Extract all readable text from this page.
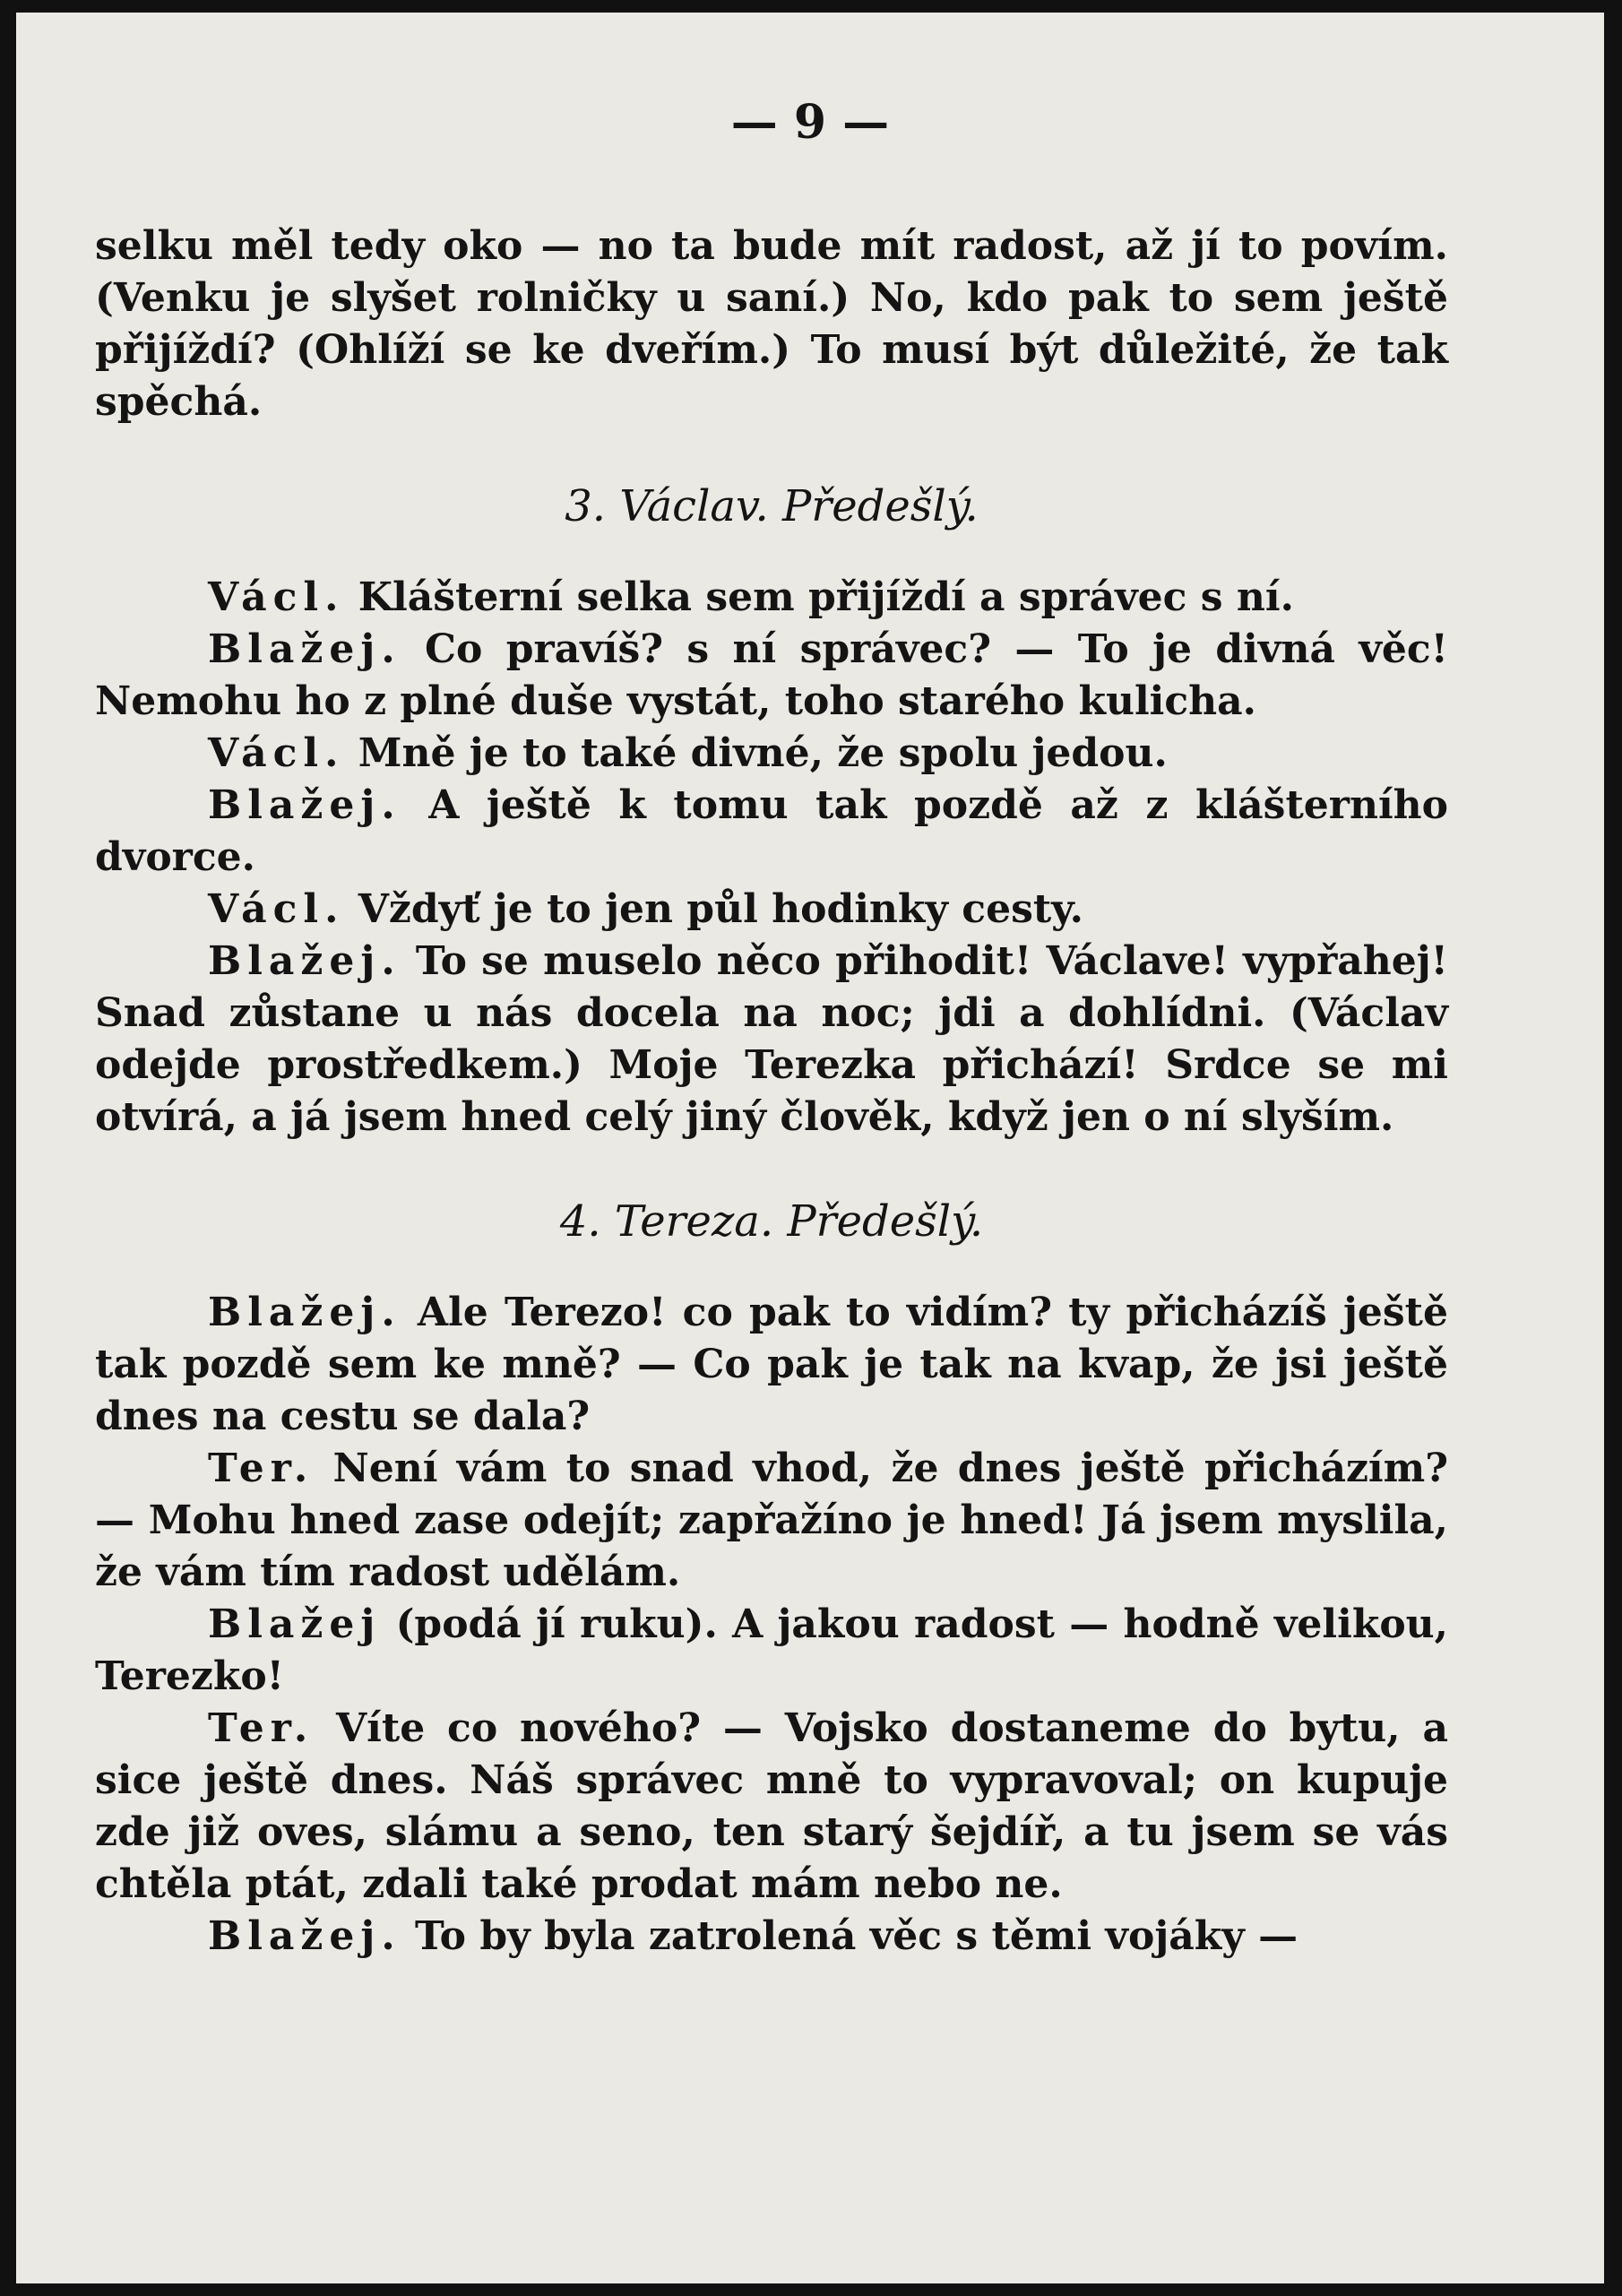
— 9 —

selku měl tedy oko — no ta bude mít radost, až jí to povím. (Venku je slyšet rolničky u saní.) No, kdo pak to sem ještě přijíždí? (Ohlíží se ke dveřím.) To musí být důležité, že tak spěchá.

3. Václav. Předešlý.

Václ. Klášterní selka sem přijíždí a správec s ní.

Blažej. Co pravíš? s ní správec? — To je divná věc! Nemohu ho z plné duše vystát, toho starého kulicha.

Václ. Mně je to také divné, že spolu jedou.

Blažej. A ještě k tomu tak pozdě až z klášterního dvorce.

Václ. Vždyť je to jen půl hodinky cesty.

Blažej. To se muselo něco přihodit! Václave! vypřahej! Snad zůstane u nás docela na noc; jdi a dohlídni. (Václav odejde prostředkem.) Moje Terezka přichází! Srdce se mi otvírá, a já jsem hned celý jiný člověk, když jen o ní slyším.

4. Tereza. Předešlý.

Blažej. Ale Terezo! co pak to vidím? ty přicházíš ještě tak pozdě sem ke mně? — Co pak je tak na kvap, že jsi ještě dnes na cestu se dala?

Ter. Není vám to snad vhod, že dnes ještě přicházím? — Mohu hned zase odejít; zapřažíno je hned! Já jsem myslila, že vám tím radost udělám.

Blažej (podá jí ruku). A jakou radost — hodně velikou, Terezko!

Ter. Víte co nového? — Vojsko dostaneme do bytu, a sice ještě dnes. Náš správec mně to vypravoval; on kupuje zde již oves, slámu a seno, ten starý šejdíř, a tu jsem se vás chtěla ptát, zdali také prodat mám nebo ne.

Blažej. To by byla zatrolená věc s těmi vojáky —
